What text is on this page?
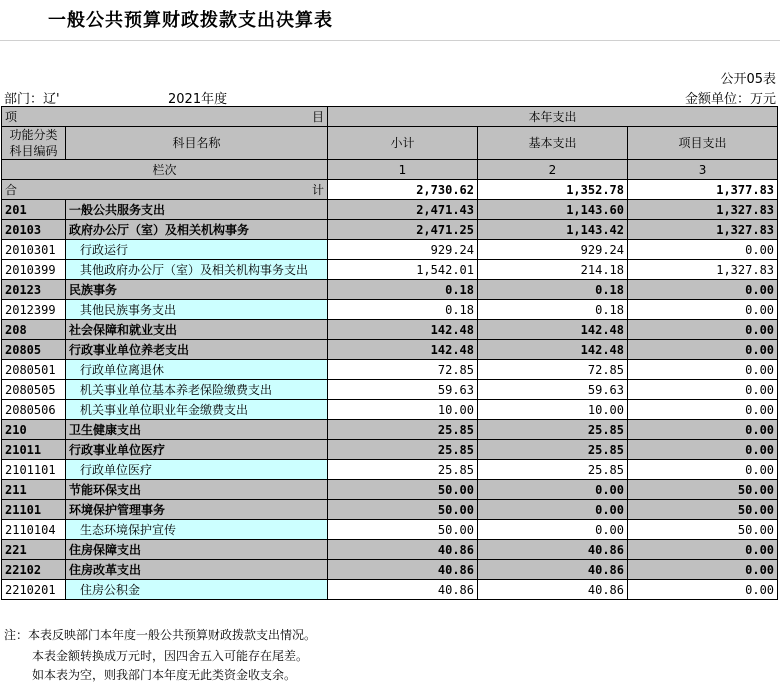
一般公共预算财政拨款支出决算表
公开05表
部门：辽'	2021年度	金额单位：万元
项 目		本年支出		
功能分类
科目编码	科目名称	小计	基本支出	项目支出
栏次		1	2	3

合 计		2,730.62	1,352.78	1,377.83
201	一般公共服务支出	2,471.43	1,143.60	1,327.83
20103	政府办公厅（室）及相关机构事务	2,471.25	1,143.42	1,327.83
2010301	行政运行	929.24	929.24	0.00
2010399	其他政府办公厅（室）及相关机构事务支出	1,542.01	214.18	1,327.83
20123	民族事务	0.18	0.18	0.00
2012399	其他民族事务支出	0.18	0.18	0.00
208	社会保障和就业支出	142.48	142.48	0.00
20805	行政事业单位养老支出	142.48	142.48	0.00
2080501	行政单位离退休	72.85	72.85	0.00
2080505	机关事业单位基本养老保险缴费支出	59.63	59.63	0.00
2080506	机关事业单位职业年金缴费支出	10.00	10.00	0.00
210	卫生健康支出	25.85	25.85	0.00
21011	行政事业单位医疗	25.85	25.85	0.00
2101101	行政单位医疗	25.85	25.85	0.00
211	节能环保支出	50.00	0.00	50.00
21101	环境保护管理事务	50.00	0.00	50.00
2110104	生态环境保护宣传	50.00	0.00	50.00
221	住房保障支出	40.86	40.86	0.00
22102	住房改革支出	40.86	40.86	0.00
2210201	住房公积金	40.86	40.86	0.00
注：本表反映部门本年度一般公共预算财政拨款支出情况。
本表金额转换成万元时，因四舍五入可能存在尾差。
如本表为空，则我部门本年度无此类资金收支余。
